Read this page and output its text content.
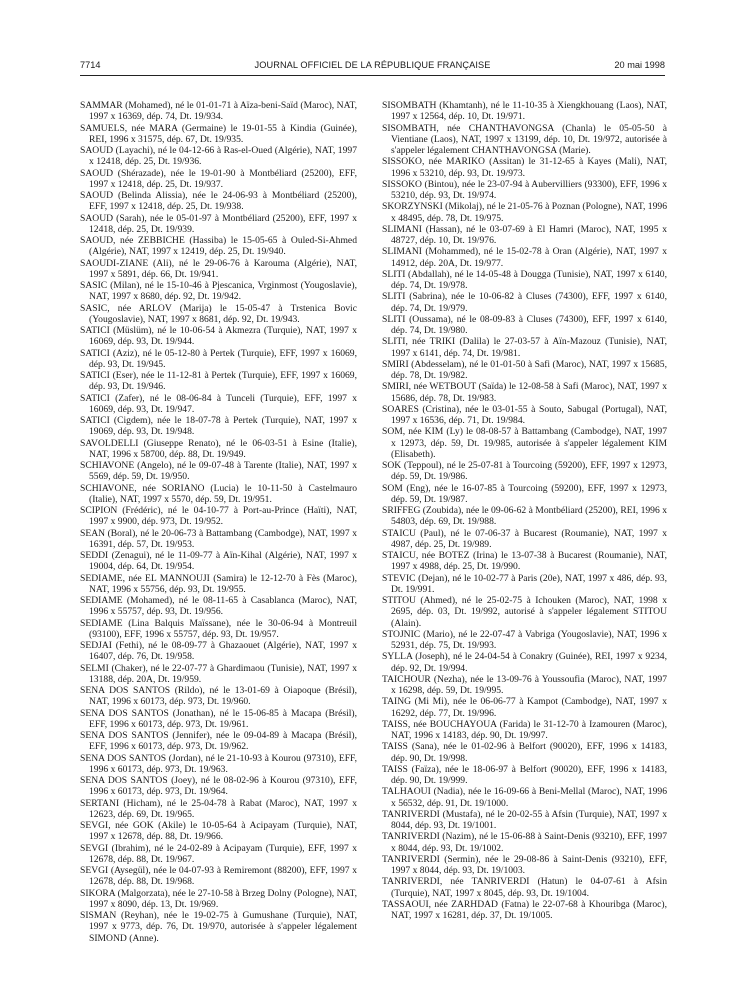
7714	JOURNAL OFFICIEL DE LA RÉPUBLIQUE FRANÇAISE	20 mai 1998

SAMMAR (Mohamed), né le 01-01-71 à Aïza-beni-Saïd (Maroc), NAT, 1997 x 16369, dép. 74, Dt. 19/934.

SAMUELS, née MARA (Germaine) le 19-01-55 à Kindia (Guinée), REI, 1996 x 31575, dép. 67, Dt. 19/935.

SAOUD (Layachi), né le 04-12-66 à Ras-el-Oued (Algérie), NAT, 1997 x 12418, dép. 25, Dt. 19/936.

SAOUD (Shérazade), née le 19-01-90 à Montbéliard (25200), EFF, 1997 x 12418, dép. 25, Dt. 19/937.

SAOUD (Belinda Alissia), née le 24-06-93 à Montbéliard (25200), EFF, 1997 x 12418, dép. 25, Dt. 19/938.

SAOUD (Sarah), née le 05-01-97 à Montbéliard (25200), EFF, 1997 x 12418, dép. 25, Dt. 19/939.

SAOUD, née ZEBBICHE (Hassiba) le 15-05-65 à Ouled-Si-Ahmed (Algérie), NAT, 1997 x 12419, dép. 25, Dt. 19/940.

SAOUDI-ZIANE (Ali), né le 29-06-76 à Karouma (Algérie), NAT, 1997 x 5891, dép. 66, Dt. 19/941.

SASIC (Milan), né le 15-10-46 à Pjescanica, Vrginmost (Yougoslavie), NAT, 1997 x 8680, dép. 92, Dt. 19/942.

SASIC, née ARLOV (Marija) le 15-05-47 à Trstenica Bovic (Yougoslavie), NAT, 1997 x 8681, dép. 92, Dt. 19/943.

SATICI (Müslüm), né le 10-06-54 à Akmezra (Turquie), NAT, 1997 x 16069, dép. 93, Dt. 19/944.

SATICI (Aziz), né le 05-12-80 à Pertek (Turquie), EFF, 1997 x 16069, dép. 93, Dt. 19/945.

SATICI (Eser), née le 11-12-81 à Pertek (Turquie), EFF, 1997 x 16069, dép. 93, Dt. 19/946.

SATICI (Zafer), né le 08-06-84 à Tunceli (Turquie), EFF, 1997 x 16069, dép. 93, Dt. 19/947.

SATICI (Cigdem), née le 18-07-78 à Pertek (Turquie), NAT, 1997 x 19069, dép. 93, Dt. 19/948.

SAVOLDELLI (Giuseppe Renato), né le 06-03-51 à Esine (Italie), NAT, 1996 x 58700, dép. 88, Dt. 19/949.

SCHIAVONE (Angelo), né le 09-07-48 à Tarente (Italie), NAT, 1997 x 5569, dép. 59, Dt. 19/950.

SCHIAVONE, née SORIANO (Lucia) le 10-11-50 à Castelmauro (Italie), NAT, 1997 x 5570, dép. 59, Dt. 19/951.

SCIPION (Frédéric), né le 04-10-77 à Port-au-Prince (Haïti), NAT, 1997 x 9900, dép. 973, Dt. 19/952.

SEAN (Boral), né le 20-06-73 à Battambang (Cambodge), NAT, 1997 x 16391, dép. 57, Dt. 19/953.

SEDDI (Zenagui), né le 11-09-77 à Aïn-Kihal (Algérie), NAT, 1997 x 19004, dép. 64, Dt. 19/954.

SEDIAME, née EL MANNOUJI (Samira) le 12-12-70 à Fès (Maroc), NAT, 1996 x 55756, dép. 93, Dt. 19/955.

SEDIAME (Mohamed), né le 08-11-65 à Casablanca (Maroc), NAT, 1996 x 55757, dép. 93, Dt. 19/956.

SEDIAME (Lina Balquis Maïssane), née le 30-06-94 à Montreuil (93100), EFF, 1996 x 55757, dép. 93, Dt. 19/957.

SEDJAI (Fethi), né le 08-09-77 à Ghazaouet (Algérie), NAT, 1997 x 16407, dép. 76, Dt. 19/958.

SELMI (Chaker), né le 22-07-77 à Ghardimaou (Tunisie), NAT, 1997 x 13188, dép. 20A, Dt. 19/959.

SENA DOS SANTOS (Rildo), né le 13-01-69 à Oiapoque (Brésil), NAT, 1996 x 60173, dép. 973, Dt. 19/960.

SENA DOS SANTOS (Jonathan), né le 15-06-85 à Macapa (Brésil), EFF, 1996 x 60173, dép. 973, Dt. 19/961.

SENA DOS SANTOS (Jennifer), née le 09-04-89 à Macapa (Brésil), EFF, 1996 x 60173, dép. 973, Dt. 19/962.

SENA DOS SANTOS (Jordan), né le 21-10-93 à Kourou (97310), EFF, 1996 x 60173, dép. 973, Dt. 19/963.

SENA DOS SANTOS (Joey), né le 08-02-96 à Kourou (97310), EFF, 1996 x 60173, dép. 973, Dt. 19/964.

SERTANI (Hicham), né le 25-04-78 à Rabat (Maroc), NAT, 1997 x 12623, dép. 69, Dt. 19/965.

SEVGI, née GOK (Akile) le 10-05-64 à Acipayam (Turquie), NAT, 1997 x 12678, dép. 88, Dt. 19/966.

SEVGI (Ibrahim), né le 24-02-89 à Acipayam (Turquie), EFF, 1997 x 12678, dép. 88, Dt. 19/967.

SEVGI (Aysegül), née le 04-07-93 à Remiremont (88200), EFF, 1997 x 12678, dép. 88, Dt. 19/968.

SIKORA (Malgorzata), née le 27-10-58 à Brzeg Dolny (Pologne), NAT, 1997 x 8090, dép. 13, Dt. 19/969.

SISMAN (Reyhan), née le 19-02-75 à Gumushane (Turquie), NAT, 1997 x 9773, dép. 76, Dt. 19/970, autorisée à s'appeler légalement SIMOND (Anne).

SISOMBATH (Khamtanh), né le 11-10-35 à Xiengkhouang (Laos), NAT, 1997 x 12564, dép. 10, Dt. 19/971.

SISOMBATH, née CHANTHAVONGSA (Chanla) le 05-05-50 à Vientiane (Laos), NAT, 1997 x 13199, dép. 10, Dt. 19/972, autorisée à s'appeler légalement CHANTHAVONGSA (Marie).

SISSOKO, née MARIKO (Assitan) le 31-12-65 à Kayes (Mali), NAT, 1996 x 53210, dép. 93, Dt. 19/973.

SISSOKO (Bintou), née le 23-07-94 à Aubervilliers (93300), EFF, 1996 x 53210, dép. 93, Dt. 19/974.

SKORZYNSKI (Mikolaj), né le 21-05-76 à Poznan (Pologne), NAT, 1996 x 48495, dép. 78, Dt. 19/975.

SLIMANI (Hassan), né le 03-07-69 à El Hamri (Maroc), NAT, 1995 x 48727, dép. 10, Dt. 19/976.

SLIMANI (Mohammed), né le 15-02-78 à Oran (Algérie), NAT, 1997 x 14912, dép. 20A, Dt. 19/977.

SLITI (Abdallah), né le 14-05-48 à Dougga (Tunisie), NAT, 1997 x 6140, dép. 74, Dt. 19/978.

SLITI (Sabrina), née le 10-06-82 à Cluses (74300), EFF, 1997 x 6140, dép. 74, Dt. 19/979.

SLITI (Oussama), né le 08-09-83 à Cluses (74300), EFF, 1997 x 6140, dép. 74, Dt. 19/980.

SLITI, née TRIKI (Dalila) le 27-03-57 à Aïn-Mazouz (Tunisie), NAT, 1997 x 6141, dép. 74, Dt. 19/981.

SMIRI (Abdesselam), né le 01-01-50 à Safi (Maroc), NAT, 1997 x 15685, dép. 78, Dt. 19/982.

SMIRI, née WETBOUT (Saïda) le 12-08-58 à Safi (Maroc), NAT, 1997 x 15686, dép. 78, Dt. 19/983.

SOARES (Cristina), née le 03-01-55 à Souto, Sabugal (Portugal), NAT, 1997 x 16536, dép. 71, Dt. 19/984.

SOM, née KIM (Ly) le 08-08-57 à Battambang (Cambodge), NAT, 1997 x 12973, dép. 59, Dt. 19/985, autorisée à s'appeler légalement KIM (Elisabeth).

SOK (Teppoul), né le 25-07-81 à Tourcoing (59200), EFF, 1997 x 12973, dép. 59, Dt. 19/986.

SOM (Eng), née le 16-07-85 à Tourcoing (59200), EFF, 1997 x 12973, dép. 59, Dt. 19/987.

SRIFFEG (Zoubida), née le 09-06-62 à Montbéliard (25200), REI, 1996 x 54803, dép. 69, Dt. 19/988.

STAICU (Paul), né le 07-06-37 à Bucarest (Roumanie), NAT, 1997 x 4987, dép. 25, Dt. 19/989.

STAICU, née BOTEZ (Irina) le 13-07-38 à Bucarest (Roumanie), NAT, 1997 x 4988, dép. 25, Dt. 19/990.

STEVIC (Dejan), né le 10-02-77 à Paris (20e), NAT, 1997 x 486, dép. 93, Dt. 19/991.

STITOU (Ahmed), né le 25-02-75 à Ichouken (Maroc), NAT, 1998 x 2695, dép. 03, Dt. 19/992, autorisé à s'appeler légalement STITOU (Alain).

STOJNIC (Mario), né le 22-07-47 à Vabriga (Yougoslavie), NAT, 1996 x 52931, dép. 75, Dt. 19/993.

SYLLA (Joseph), né le 24-04-54 à Conakry (Guinée), REI, 1997 x 9234, dép. 92, Dt. 19/994.

TAICHOUR (Nezha), née le 13-09-76 à Youssoufia (Maroc), NAT, 1997 x 16298, dép. 59, Dt. 19/995.

TAING (Mi Mi), née le 06-06-77 à Kampot (Cambodge), NAT, 1997 x 16292, dép. 77, Dt. 19/996.

TAISS, née BOUCHAYOUA (Farida) le 31-12-70 à Izamouren (Maroc), NAT, 1996 x 14183, dép. 90, Dt. 19/997.

TAISS (Sana), née le 01-02-96 à Belfort (90020), EFF, 1996 x 14183, dép. 90, Dt. 19/998.

TAISS (Faïza), née le 18-06-97 à Belfort (90020), EFF, 1996 x 14183, dép. 90, Dt. 19/999.

TALHAOUI (Nadia), née le 16-09-66 à Beni-Mellal (Maroc), NAT, 1996 x 56532, dép. 91, Dt. 19/1000.

TANRIVERDI (Mustafa), né le 20-02-55 à Afsin (Turquie), NAT, 1997 x 8044, dép. 93, Dt. 19/1001.

TANRIVERDI (Nazim), né le 15-06-88 à Saint-Denis (93210), EFF, 1997 x 8044, dép. 93, Dt. 19/1002.

TANRIVERDI (Sermin), née le 29-08-86 à Saint-Denis (93210), EFF, 1997 x 8044, dép. 93, Dt. 19/1003.

TANRIVERDI, née TANRIVERDI (Hatun) le 04-07-61 à Afsin (Turquie), NAT, 1997 x 8045, dép. 93, Dt. 19/1004.

TASSAOUI, née ZARHDAD (Fatna) le 22-07-68 à Khouribga (Maroc), NAT, 1997 x 16281, dép. 37, Dt. 19/1005.
